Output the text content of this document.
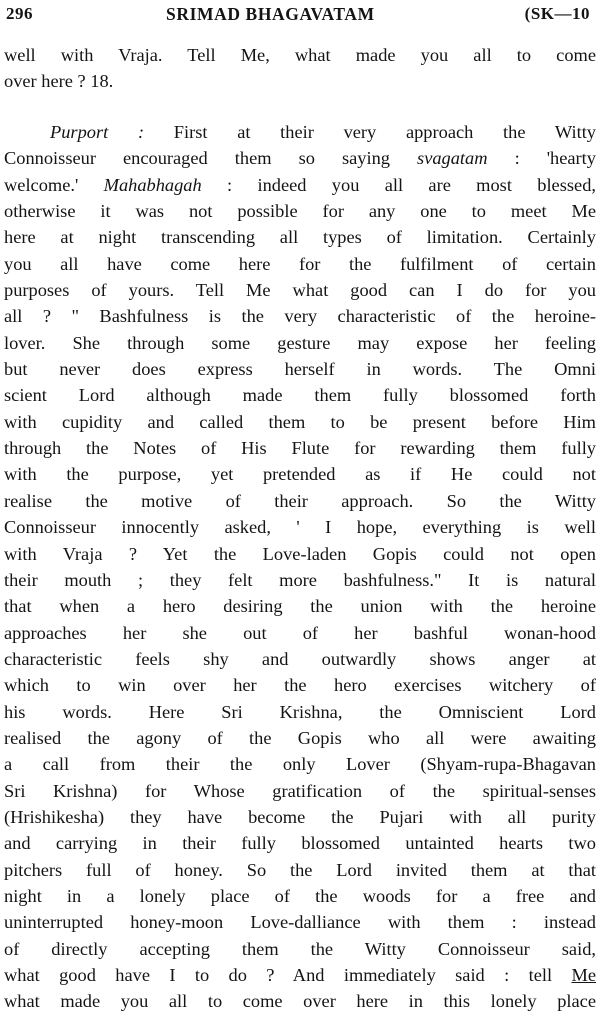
296	SRIMAD BHAGAVATAM	(SK—10
well with Vraja. Tell Me, what made you all to come
over here ? 18.
Purport : First at their very approach the Witty
Connoisseur encouraged them so saying svagatam : 'hearty
welcome.' Mahabhagah : indeed you all are most blessed,
otherwise it was not possible for any one to meet Me
here at night transcending all types of limitation. Certainly
you all have come here for the fulfilment of certain
purposes of yours. Tell Me what good can I do for you
all ? " Bashfulness is the very characteristic of the heroine-
lover. She through some gesture may expose her feeling
but never does express herself in words. The Omni
scient Lord although made them fully blossomed forth
with cupidity and called them to be present before Him
through the Notes of His Flute for rewarding them fully
with the purpose, yet pretended as if He could not
realise the motive of their approach. So the Witty
Connoisseur innocently asked, ' I hope, everything is well
with Vraja ? Yet the Love-laden Gopis could not open
their mouth ; they felt more bashfulness." It is natural
that when a hero desiring the union with the heroine
approaches her she out of her bashful wonan-hood
characteristic feels shy and outwardly shows anger at
which to win over her the hero exercises witchery of
his words. Here Sri Krishna, the Omniscient Lord
realised the agony of the Gopis who all were awaiting
a call from their the only Lover (Shyam-rupa-Bhagavan
Sri Krishna) for Whose gratification of the spiritual-senses
(Hrishikesha) they have become the Pujari with all purity
and carrying in their fully blossomed untainted hearts two
pitchers full of honey. So the Lord invited them at that
night in a lonely place of the woods for a free and
uninterrupted honey-moon Love-dalliance with them : instead
of directly accepting them the Witty Connoisseur said,
what good have I to do ? And immediately said : tell Me
what made you all to come over here in this lonely place
